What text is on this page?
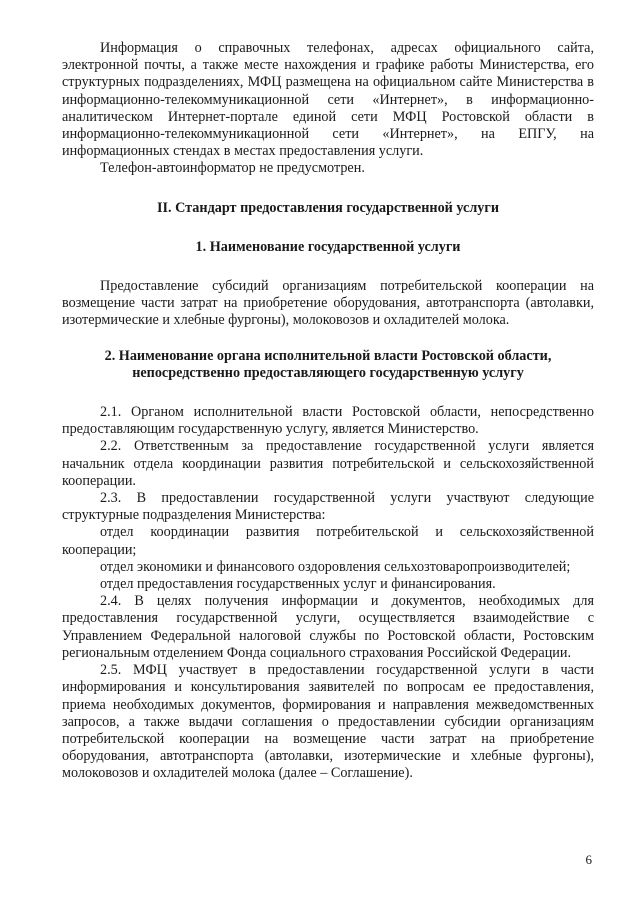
Информация о справочных телефонах, адресах официального сайта, электронной почты, а также месте нахождения и графике работы Министерства, его структурных подразделениях, МФЦ размещена на официальном сайте Министерства в информационно-телекоммуникационной сети «Интернет», в информационно-аналитическом Интернет-портале единой сети МФЦ Ростовской области в информационно-телекоммуникационной сети «Интернет», на ЕПГУ, на информационных стендах в местах предоставления услуги.

Телефон-автоинформатор не предусмотрен.

II. Стандарт предоставления государственной услуги
1. Наименование государственной услуги

Предоставление субсидий организациям потребительской кооперации на возмещение части затрат на приобретение оборудования, автотранспорта (автолавки, изотермические и хлебные фургоны), молоковозов и охладителей молока.

2. Наименование органа исполнительной власти Ростовской области,
непосредственно предоставляющего государственную услугу

2.1. Органом исполнительной власти Ростовской области, непосредственно предоставляющим государственную услугу, является Министерство.

2.2. Ответственным за предоставление государственной услуги является начальник отдела координации развития потребительской и сельскохозяйственной кооперации.

2.3. В предоставлении государственной услуги участвуют следующие структурные подразделения Министерства:

отдел координации развития потребительской и сельскохозяйственной кооперации;

отдел экономики и финансового оздоровления сельхозтоваропроизводителей;

отдел предоставления государственных услуг и финансирования.

2.4. В целях получения информации и документов, необходимых для предоставления государственной услуги, осуществляется взаимодействие с Управлением Федеральной налоговой службы по Ростовской области, Ростовским региональным отделением Фонда социального страхования Российской Федерации.

2.5. МФЦ участвует в предоставлении государственной услуги в части информирования и консультирования заявителей по вопросам ее предоставления, приема необходимых документов, формирования и направления межведомственных запросов, а также выдачи соглашения о предоставлении субсидии организациям потребительской кооперации на возмещение части затрат на приобретение оборудования, автотранспорта (автолавки, изотермические и хлебные фургоны), молоковозов и охладителей молока (далее – Соглашение).

6
